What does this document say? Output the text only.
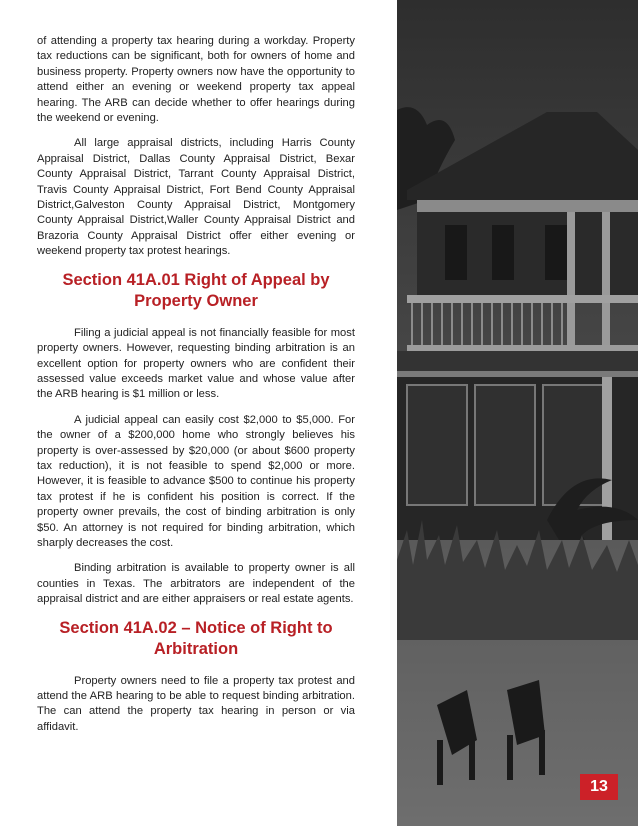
of attending a property tax hearing during a workday. Property tax reductions can be significant, both for owners of home and business property. Property owners now have the opportunity to attend either an evening or weekend property tax appeal hearing. The ARB can decide whether to offer hearings during the weekend or evening.

All large appraisal districts, including Harris County Appraisal District, Dallas County Appraisal District, Bexar County Appraisal District, Tarrant County Appraisal District, Travis County Appraisal District, Fort Bend County Appraisal District,Galveston County Appraisal District, Montgomery County Appraisal District,Waller County Appraisal District and Brazoria County Appraisal District offer either evening or weekend property tax protest hearings.

Section 41A.01 Right of Appeal by Property Owner

Filing a judicial appeal is not financially feasible for most property owners. However, requesting binding arbitration is an excellent option for property owners who are confident their assessed value exceeds market value and whose value after the ARB hearing is $1 million or less.

A judicial appeal can easily cost $2,000 to $5,000. For the owner of a $200,000 home who strongly believes his property is over-assessed by $20,000 (or about $600 property tax reduction), it is not feasible to spend $2,000 or more. However, it is feasible to advance $500 to continue his property tax protest if he is confident his position is correct. If the property owner prevails, the cost of binding arbitration is only $50. An attorney is not required for binding arbitration, which sharply decreases the cost.

Binding arbitration is available to property owner is all counties in Texas. The arbitrators are independent of the appraisal district and are either appraisers or real estate agents.

Section 41A.02 – Notice of Right to Arbitration

Property owners need to file a property tax protest and attend the ARB hearing to be able to request binding arbitration. The can attend the property tax hearing in person or via affidavit.

13
